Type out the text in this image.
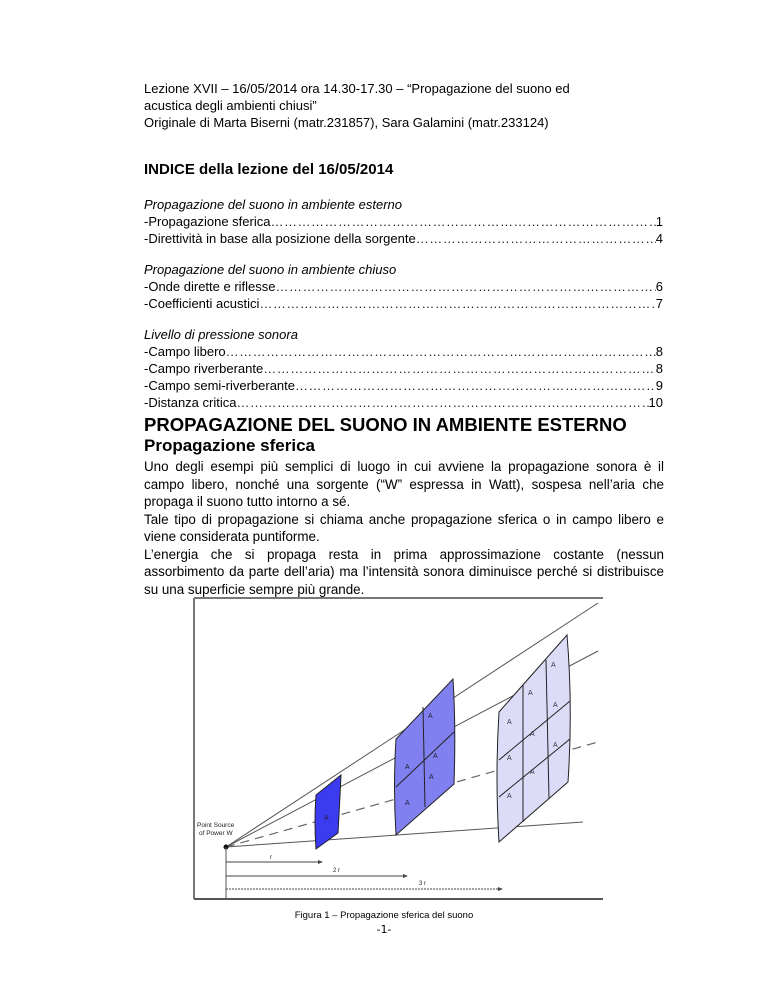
Lezione XVII – 16/05/2014 ora 14.30-17.30 – “Propagazione del suono ed
acustica degli ambienti chiusi”
Originale di Marta Biserni (matr.231857), Sara Galamini (matr.233124)
INDICE della lezione del 16/05/2014
Propagazione del suono in ambiente esterno
-Propagazione sferica …………………………………………………………………………………………………………………………………………	1
-Direttività in base alla posizione della sorgente …………………………………………………………………………………………………………………………………………	4
Propagazione del suono in ambiente chiuso
-Onde dirette e riflesse …………………………………………………………………………………………………………………………………………	6
-Coefficienti acustici …………………………………………………………………………………………………………………………………………	7
Livello di pressione sonora
-Campo libero …………………………………………………………………………………………………………………………………………	8
-Campo riverberante …………………………………………………………………………………………………………………………………………	8
-Campo semi-riverberante …………………………………………………………………………………………………………………………………………	9
-Distanza critica …………………………………………………………………………………………………………………………………………	10
PROPAGAZIONE DEL SUONO IN AMBIENTE ESTERNO
Propagazione sferica

Uno degli esempi più semplici di luogo in cui avviene la propagazione sonora è il campo libero, nonché una sorgente (“W” espressa in Watt), sospesa nell’aria che propaga il suono tutto intorno a sé.

Tale tipo di propagazione si chiama anche propagazione sferica o in campo libero e viene considerata puntiforme.

L’energia che si propaga resta in prima approssimazione costante (nessun assorbimento da parte dell’aria) ma l’intensità sonora diminuisce perché si distribuisce su una superficie sempre più grande.

A
A
A
A
A
A
A
A
A
A
A
A
A
A
A
r
2 r
3 r
Point Source
of Power W
Figura 1 – Propagazione sferica del suono
-1-
